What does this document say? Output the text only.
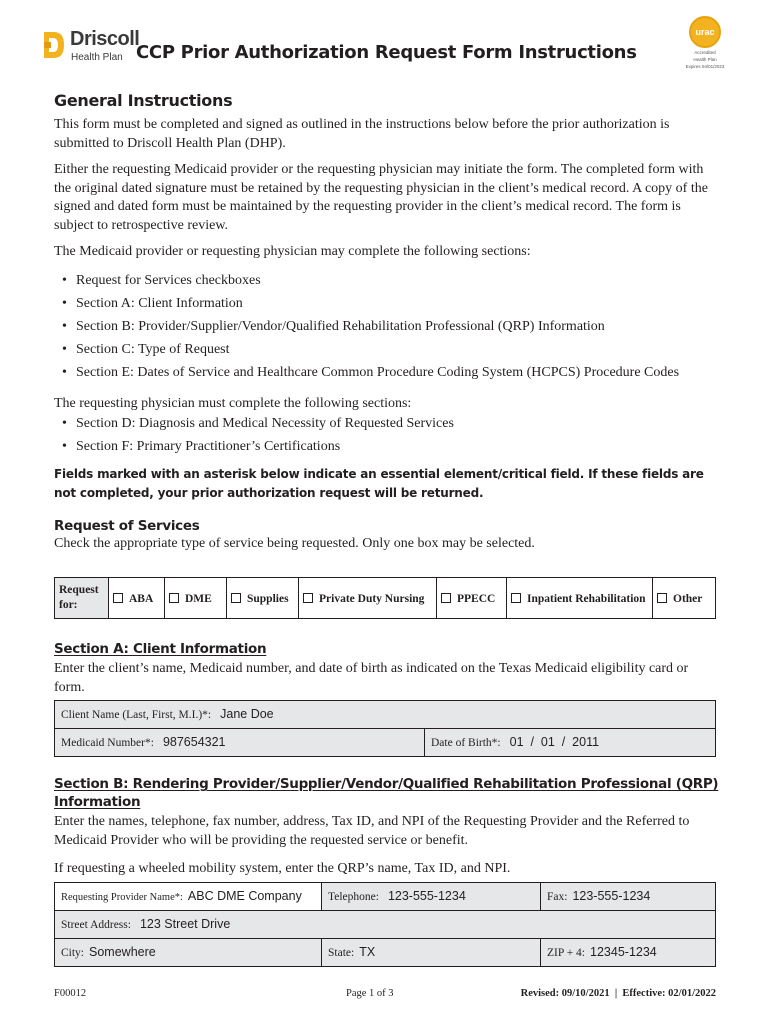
Driscoll
Health Plan CCP Prior Authorization Request Form Instructions
urac
Accredited
Health Plan
Expires 04/01/2023
General Instructions

This form must be completed and signed as outlined in the instructions below before the prior authorization is submitted to Driscoll Health Plan (DHP).

Either the requesting Medicaid provider or the requesting physician may initiate the form. The completed form with the original dated signature must be retained by the requesting physician in the client’s medical record. A copy of the signed and dated form must be maintained by the requesting provider in the client’s medical record. The form is subject to retrospective review.

The Medicaid provider or requesting physician may complete the following sections:

• Request for Services checkboxes
• Section A: Client Information
• Section B: Provider/Supplier/Vendor/Qualified Rehabilitation Professional (QRP) Information
• Section C: Type of Request
• Section E: Dates of Service and Healthcare Common Procedure Coding System (HCPCS) Procedure Codes

The requesting physician must complete the following sections:

• Section D: Diagnosis and Medical Necessity of Requested Services
• Section F: Primary Practitioner’s Certifications

Fields marked with an asterisk below indicate an essential element/critical field. If these fields are not completed, your prior authorization request will be returned.

Request of Services

Check the appropriate type of service being requested. Only one box may be selected.

Request for:	ABA	DME	Supplies	Private Duty Nursing	PPECC	Inpatient Rehabilitation	Other
Section A: Client Information

Enter the client’s name, Medicaid number, and date of birth as indicated on the Texas Medicaid eligibility card or form.

Client Name (Last, First, M.I.)*: Jane Doe
Medicaid Number*: 987654321	Date of Birth*: 01  /  01  /  2011
Section B: Rendering Provider/Supplier/Vendor/Qualified Rehabilitation Professional (QRP) Information

Enter the names, telephone, fax number, address, Tax ID, and NPI of the Requesting Provider and the Referred to Medicaid Provider who will be providing the requested service or benefit.

If requesting a wheeled mobility system, enter the QRP’s name, Tax ID, and NPI.

Requesting Provider Name*: ABC DME Company	Telephone: 123-555-1234	Fax: 123-555-1234
Street Address: 123 Street Drive		
City: Somewhere	State: TX	ZIP + 4: 12345-1234
F00012	Page 1 of 3	Revised: 09/10/2021  |  Effective: 02/01/2022
